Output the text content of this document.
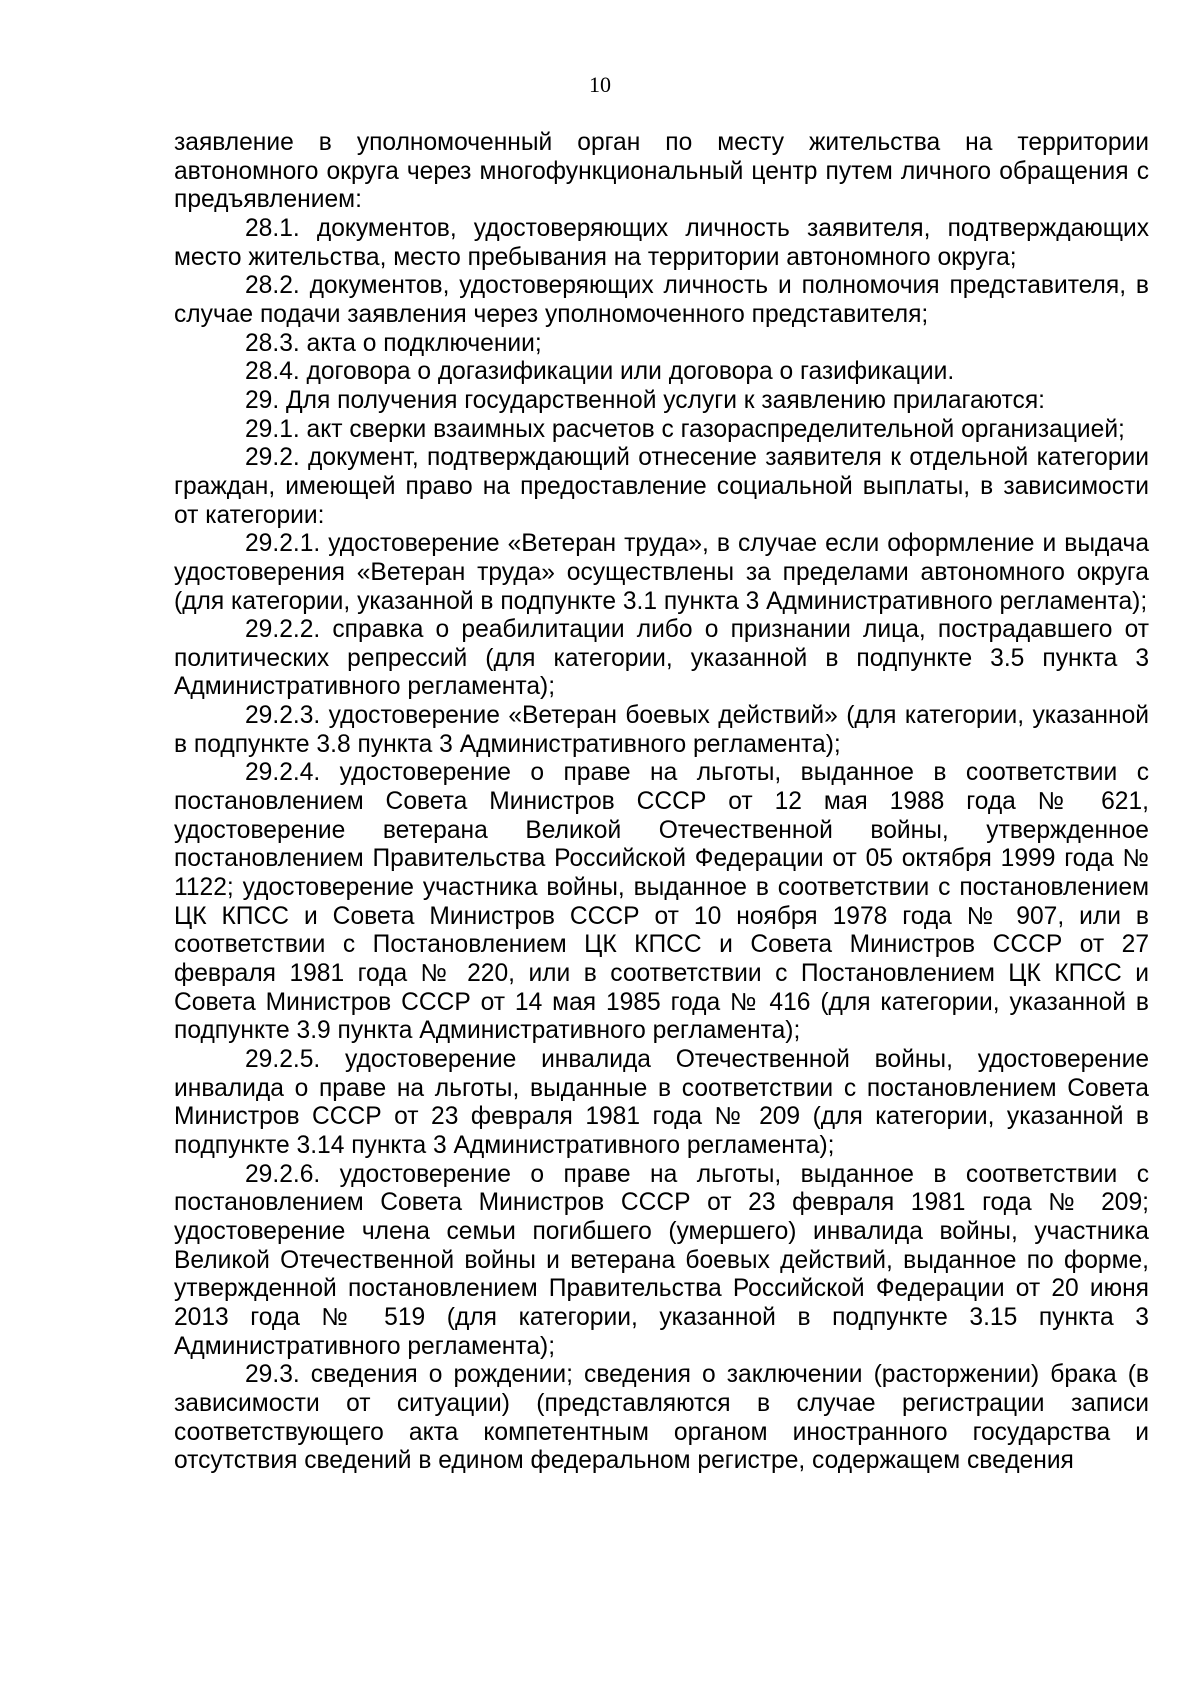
10

заявление в уполномоченный орган по месту жительства на территории автономного округа через многофункциональный центр путем личного обращения с предъявлением:

28.1. документов, удостоверяющих личность заявителя, подтверждающих место жительства, место пребывания на территории автономного округа;

28.2. документов, удостоверяющих личность и полномочия представителя, в случае подачи заявления через уполномоченного представителя;

28.3. акта о подключении;

28.4. договора о догазификации или договора о газификации.

29. Для получения государственной услуги к заявлению прилагаются:

29.1. акт сверки взаимных расчетов с газораспределительной организацией;

29.2. документ, подтверждающий отнесение заявителя к отдельной категории граждан, имеющей право на предоставление социальной выплаты, в зависимости от категории:

29.2.1. удостоверение «Ветеран труда», в случае если оформление и выдача удостоверения «Ветеран труда» осуществлены за пределами автономного округа (для категории, указанной в подпункте 3.1 пункта 3 Административного регламента);

29.2.2. справка о реабилитации либо о признании лица, пострадавшего от политических репрессий (для категории, указанной в подпункте 3.5 пункта 3 Административного регламента);

29.2.3. удостоверение «Ветеран боевых действий» (для категории, указанной в подпункте 3.8 пункта 3 Административного регламента);

29.2.4. удостоверение о праве на льготы, выданное в соответствии с постановлением Совета Министров СССР от 12 мая 1988 года № 621, удостоверение ветерана Великой Отечественной войны, утвержденное постановлением Правительства Российской Федерации от 05 октября 1999 года № 1122; удостоверение участника войны, выданное в соответствии с постановлением ЦК КПСС и Совета Министров СССР от 10 ноября 1978 года № 907, или в соответствии с Постановлением ЦК КПСС и Совета Министров СССР от 27 февраля 1981 года № 220, или в соответствии с Постановлением ЦК КПСС и Совета Министров СССР от 14 мая 1985 года № 416 (для категории, указанной в подпункте 3.9 пункта Административного регламента);

29.2.5. удостоверение инвалида Отечественной войны, удостоверение инвалида о праве на льготы, выданные в соответствии с постановлением Совета Министров СССР от 23 февраля 1981 года № 209 (для категории, указанной в подпункте 3.14 пункта 3 Административного регламента);

29.2.6. удостоверение о праве на льготы, выданное в соответствии с постановлением Совета Министров СССР от 23 февраля 1981 года № 209; удостоверение члена семьи погибшего (умершего) инвалида войны, участника Великой Отечественной войны и ветерана боевых действий, выданное по форме, утвержденной постановлением Правительства Российской Федерации от 20 июня 2013 года № 519 (для категории, указанной в подпункте 3.15 пункта 3 Административного регламента);

29.3. сведения о рождении; сведения о заключении (расторжении) брака (в зависимости от ситуации) (представляются в случае регистрации записи соответствующего акта компетентным органом иностранного государства и отсутствия сведений в едином федеральном регистре, содержащем сведения
